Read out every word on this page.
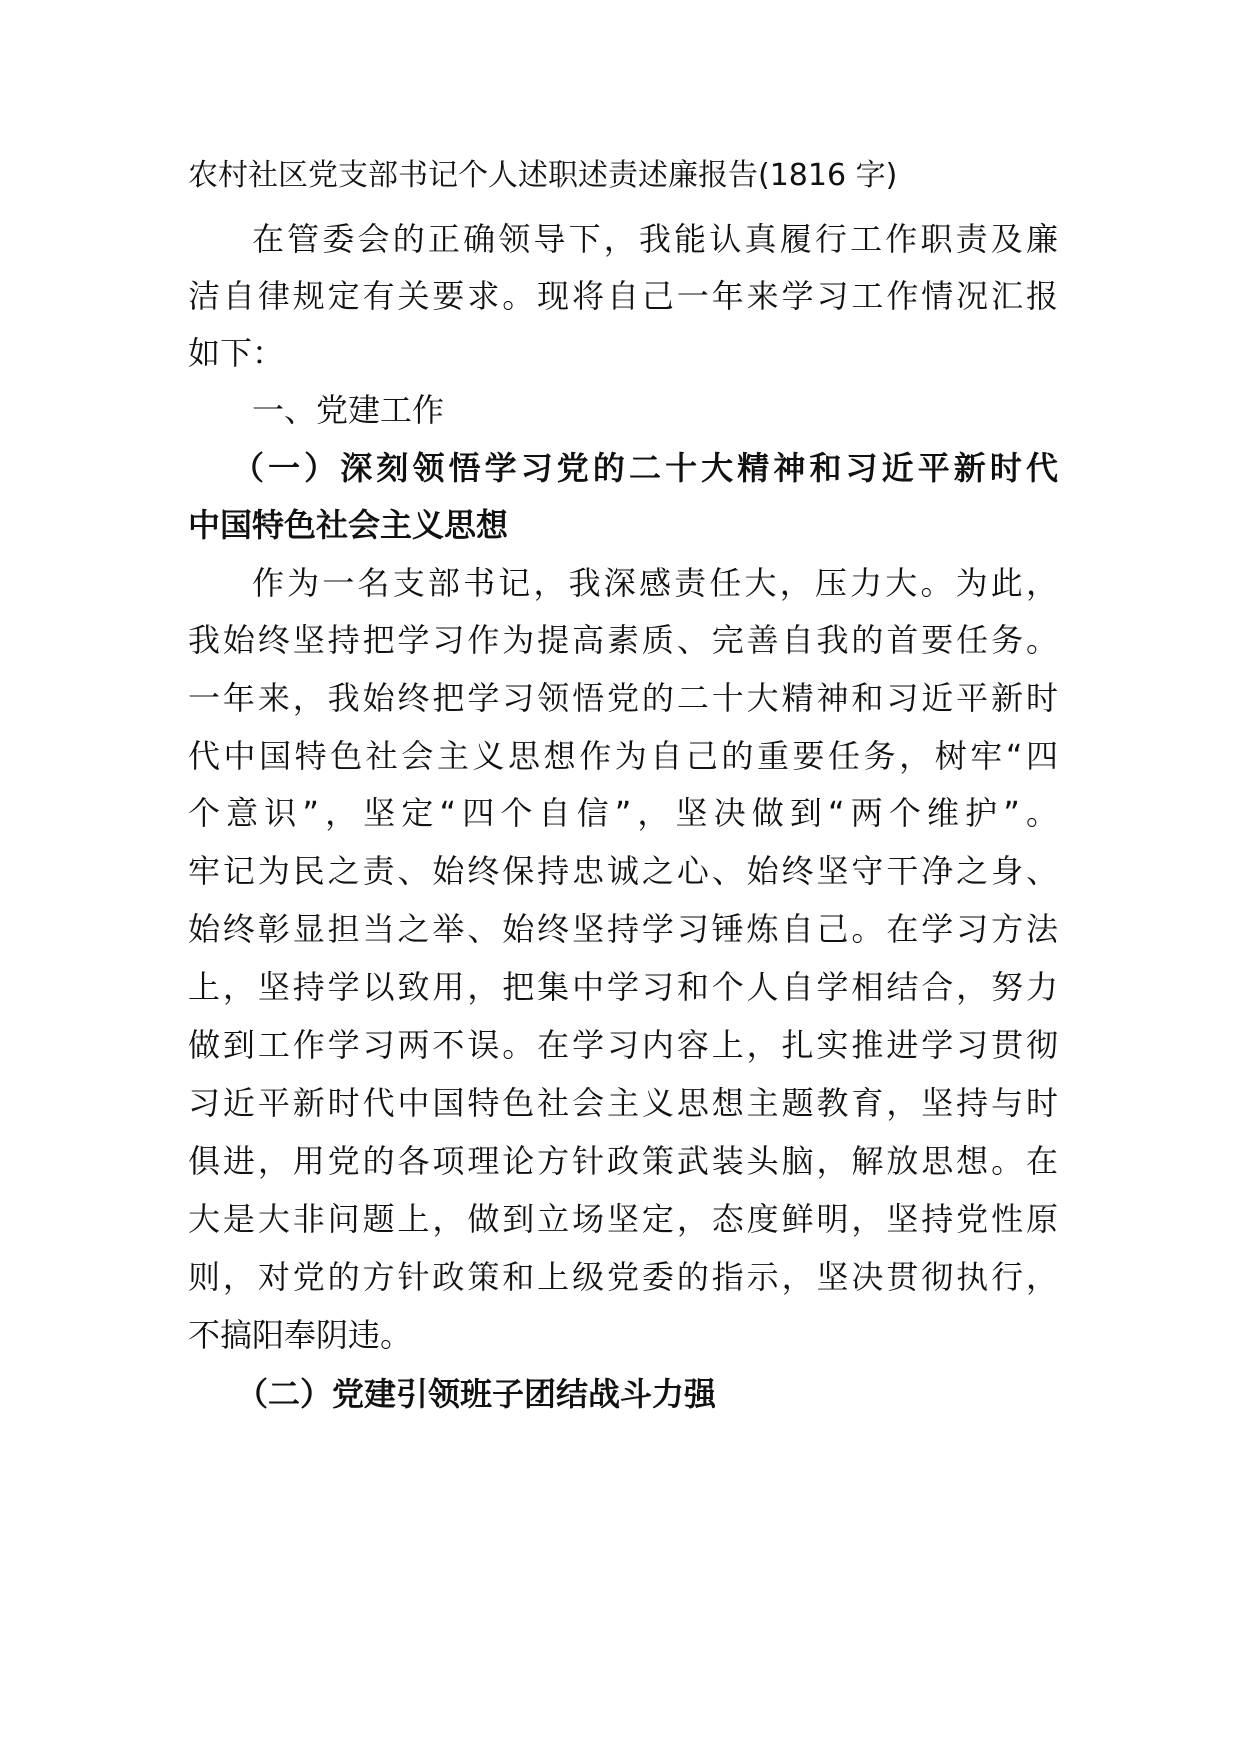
农村社区党支部书记个人述职述责述廉报告(1816 字)
在管委会的正确领导下，我能认真履行工作职责及廉
洁自律规定有关要求。现将自己一年来学习工作情况汇报
如下：
一、党建工作
（一）深刻领悟学习党的二十大精神和习近平新时代
中国特色社会主义思想
作为一名支部书记，我深感责任大，压力大。为此，
我始终坚持把学习作为提高素质、完善自我的首要任务。
一年来，我始终把学习领悟党的二十大精神和习近平新时
代中国特色社会主义思想作为自己的重要任务，树牢“四
个意识”，坚定“四个自信”，坚决做到“两个维护”。
牢记为民之责、始终保持忠诚之心、始终坚守干净之身、
始终彰显担当之举、始终坚持学习锤炼自己。在学习方法
上，坚持学以致用，把集中学习和个人自学相结合，努力
做到工作学习两不误。在学习内容上，扎实推进学习贯彻
习近平新时代中国特色社会主义思想主题教育，坚持与时
俱进，用党的各项理论方针政策武装头脑，解放思想。在
大是大非问题上，做到立场坚定，态度鲜明，坚持党性原
则，对党的方针政策和上级党委的指示，坚决贯彻执行，
不搞阳奉阴违。
（二）党建引领班子团结战斗力强
